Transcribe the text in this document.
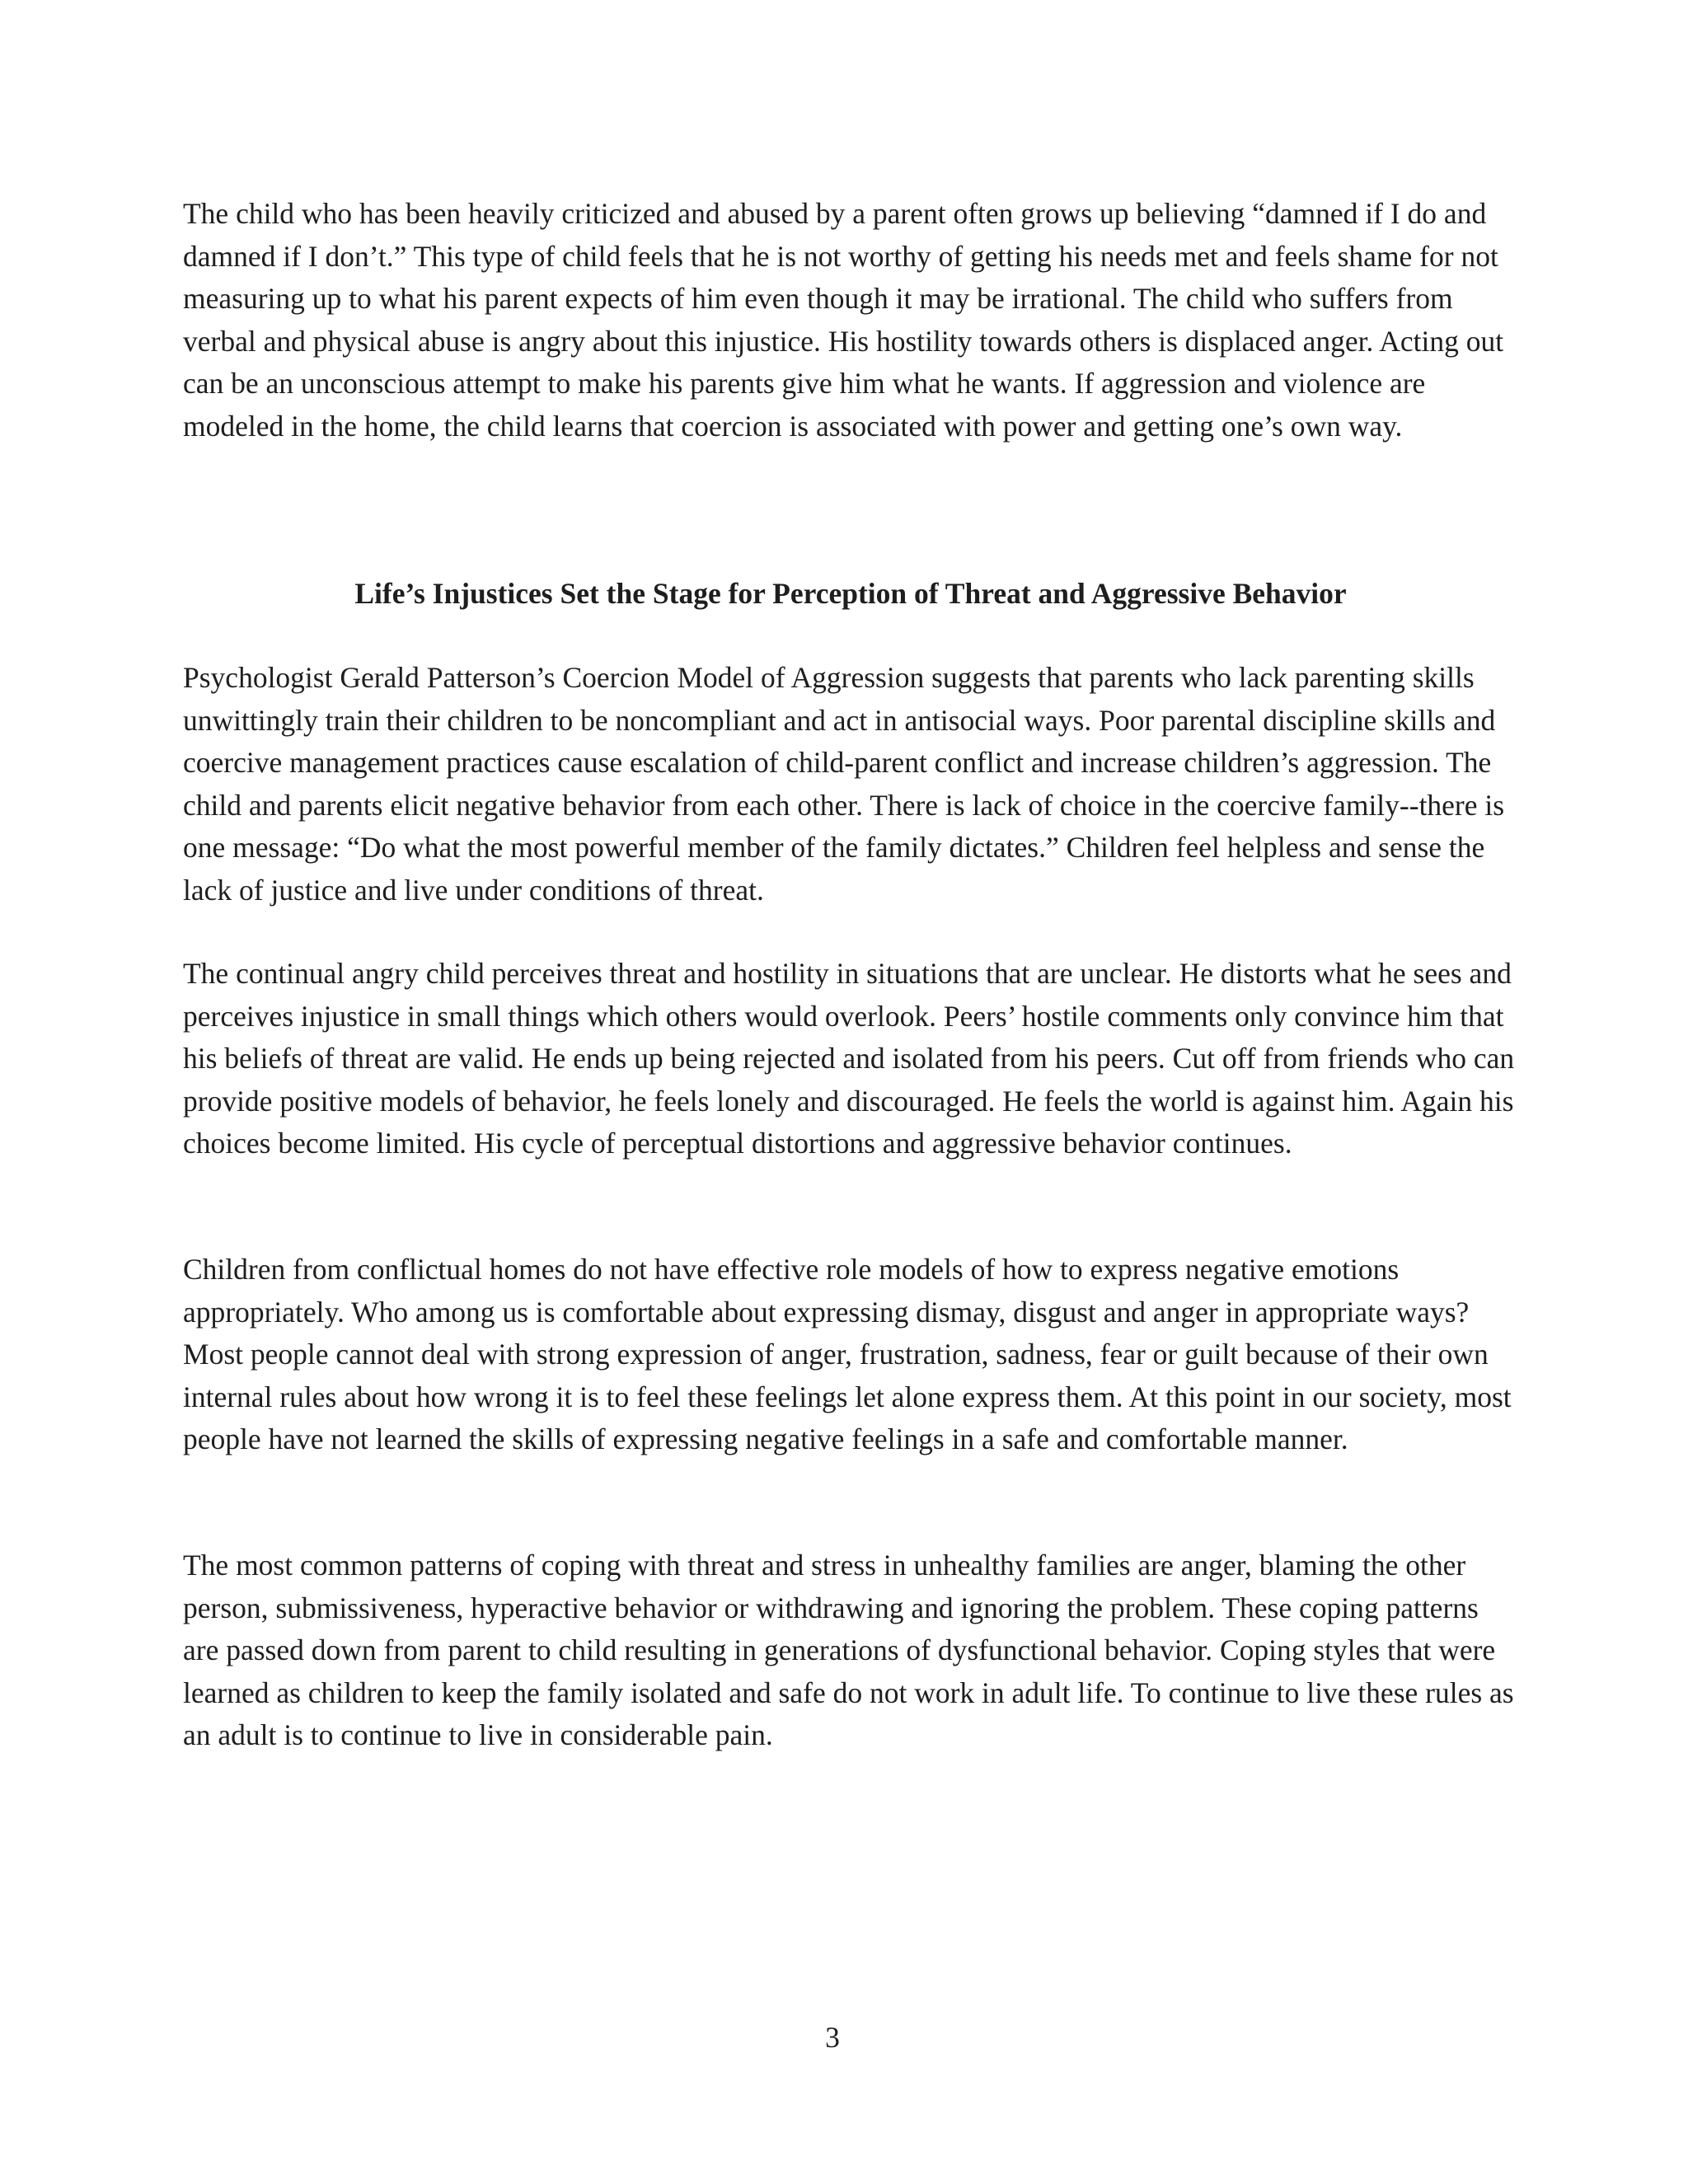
The child who has been heavily criticized and abused by a parent often grows up believing “damned if I do and damned if I don’t.” This type of child feels that he is not worthy of getting his needs met and feels shame for not measuring up to what his parent expects of him even though it may be irrational. The child who suffers from verbal and physical abuse is angry about this injustice. His hostility towards others is displaced anger. Acting out can be an unconscious attempt to make his parents give him what he wants. If aggression and violence are modeled in the home, the child learns that coercion is associated with power and getting one’s own way.

Life’s Injustices Set the Stage for Perception of Threat and Aggressive Behavior

Psychologist Gerald Patterson’s Coercion Model of Aggression suggests that parents who lack parenting skills unwittingly train their children to be noncompliant and act in antisocial ways. Poor parental discipline skills and coercive management practices cause escalation of child-parent conflict and increase children’s aggression. The child and parents elicit negative behavior from each other. There is lack of choice in the coercive family--there is one message: “Do what the most powerful member of the family dictates.” Children feel helpless and sense the lack of justice and live under conditions of threat.

The continual angry child perceives threat and hostility in situations that are unclear. He distorts what he sees and perceives injustice in small things which others would overlook. Peers’ hostile comments only convince him that his beliefs of threat are valid. He ends up being rejected and isolated from his peers. Cut off from friends who can provide positive models of behavior, he feels lonely and discouraged. He feels the world is against him. Again his choices become limited. His cycle of perceptual distortions and aggressive behavior continues.

Children from conflictual homes do not have effective role models of how to express negative emotions appropriately. Who among us is comfortable about expressing dismay, disgust and anger in appropriate ways? Most people cannot deal with strong expression of anger, frustration, sadness, fear or guilt because of their own internal rules about how wrong it is to feel these feelings let alone express them. At this point in our society, most people have not learned the skills of expressing negative feelings in a safe and comfortable manner.

The most common patterns of coping with threat and stress in unhealthy families are anger, blaming the other person, submissiveness, hyperactive behavior or withdrawing and ignoring the problem. These coping patterns are passed down from parent to child resulting in generations of dysfunctional behavior. Coping styles that were learned as children to keep the family isolated and safe do not work in adult life. To continue to live these rules as an adult is to continue to live in considerable pain.

3
